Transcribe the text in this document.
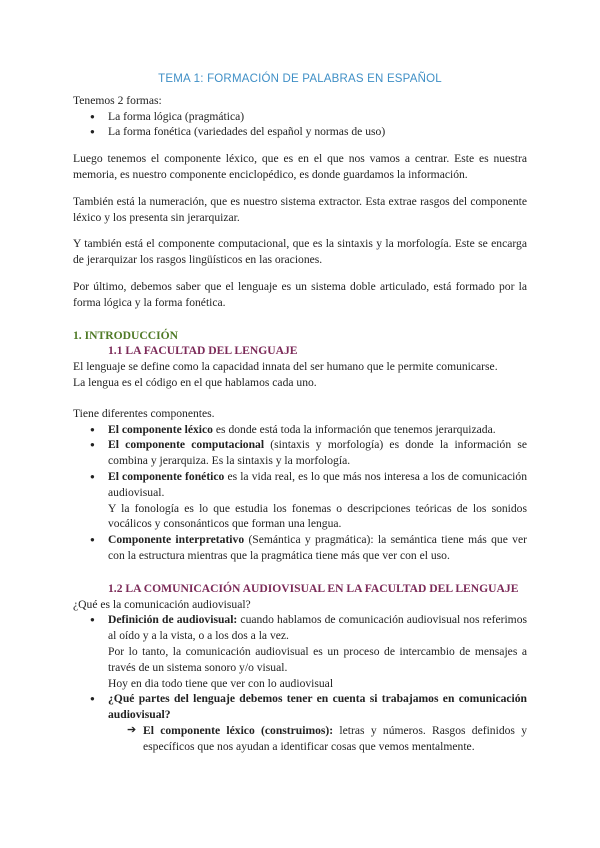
TEMA 1: FORMACIÓN DE PALABRAS EN ESPAÑOL

Tenemos 2 formas:

● La forma lógica (pragmática)
● La forma fonética (variedades del español y normas de uso)

Luego tenemos el componente léxico, que es en el que nos vamos a centrar. Este es nuestra memoria, es nuestro componente enciclopédico, es donde guardamos la información.

También está la numeración, que es nuestro sistema extractor. Esta extrae rasgos del componente léxico y los presenta sin jerarquizar.

Y también está el componente computacional, que es la sintaxis y la morfología. Este se encarga de jerarquizar los rasgos lingüísticos en las oraciones.

Por último, debemos saber que el lenguaje es un sistema doble articulado, está formado por la forma lógica y la forma fonética.

1. INTRODUCCIÓN
1.1 LA FACULTAD DEL LENGUAJE

El lenguaje se define como la capacidad innata del ser humano que le permite comunicarse.

La lengua es el código en el que hablamos cada uno.

Tiene diferentes componentes.

● El componente léxico es donde está toda la información que tenemos jerarquizada.
● El componente computacional (sintaxis y morfología) es donde la información se combina y jerarquiza. Es la sintaxis y la morfología.
● El componente fonético es la vida real, es lo que más nos interesa a los de comunicación audiovisual.
Y la fonología es lo que estudia los fonemas o descripciones teóricas de los sonidos vocálicos y consonánticos que forman una lengua.
● Componente interpretativo (Semántica y pragmática): la semántica tiene más que ver con la estructura mientras que la pragmática tiene más que ver con el uso.
1.2 LA COMUNICACIÓN AUDIOVISUAL EN LA FACULTAD DEL LENGUAJE

¿Qué es la comunicación audiovisual?

● Definición de audiovisual: cuando hablamos de comunicación audiovisual nos referimos al oído y a la vista, o a los dos a la vez.
Por lo tanto, la comunicación audiovisual es un proceso de intercambio de mensajes a través de un sistema sonoro y/o visual.
Hoy en dia todo tiene que ver con lo audiovisual
● ¿Qué partes del lenguaje debemos tener en cuenta si trabajamos en comunicación audiovisual?
➔ El componente léxico (construimos): letras y números. Rasgos definidos y específicos que nos ayudan a identificar cosas que vemos mentalmente.
